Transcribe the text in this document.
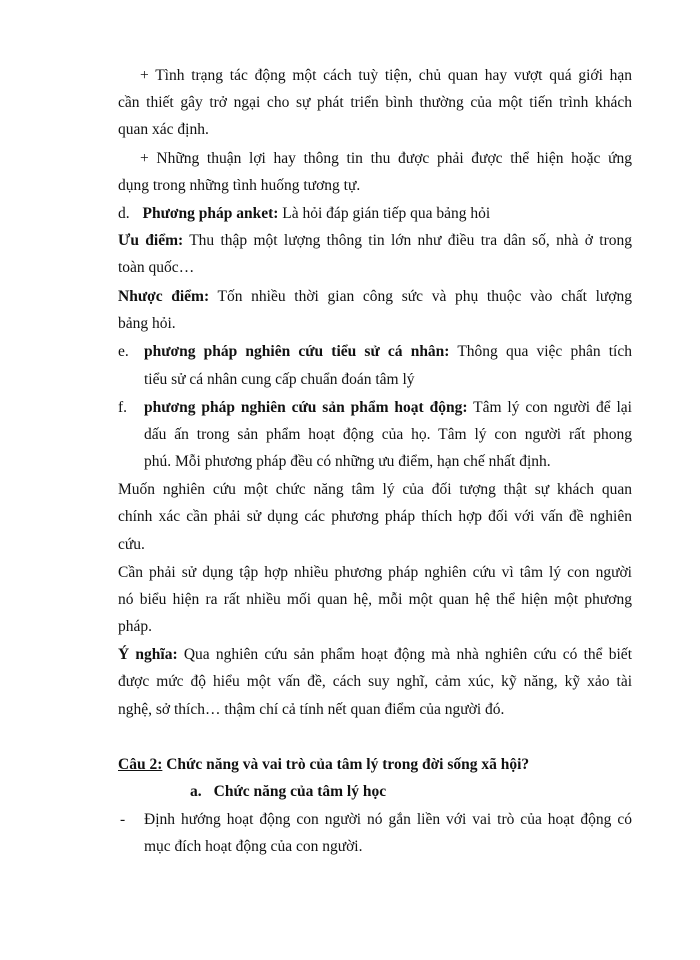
+ Tình trạng tác động một cách tuỳ tiện, chủ quan hay vượt quá giới hạn
cần thiết gây trở ngại cho sự phát triển bình thường của một tiến trình khách
quan xác định.
+ Những thuận lợi hay thông tin thu được phải được thể hiện hoặc ứng
dụng trong những tình huống tương tự.
d. Phương pháp anket: Là hỏi đáp gián tiếp qua bảng hỏi
Ưu điểm: Thu thập một lượng thông tin lớn như điều tra dân số, nhà ở trong
toàn quốc…
Nhược điểm: Tốn nhiều thời gian công sức và phụ thuộc vào chất lượng
bảng hỏi.
e. phương pháp nghiên cứu tiểu sử cá nhân: Thông qua việc phân tích
tiểu sử cá nhân cung cấp chuẩn đoán tâm lý
f.	phương pháp nghiên cứu sản phẩm hoạt động: Tâm lý con người để lại
dấu ấn trong sản phẩm hoạt động của họ. Tâm lý con người rất phong
phú. Mỗi phương pháp đều có những ưu điểm, hạn chế nhất định.
Muốn nghiên cứu một chức năng tâm lý của đối tượng thật sự khách quan
chính xác cần phải sử dụng các phương pháp thích hợp đối với vấn đề nghiên
cứu.
Cần phải sử dụng tập hợp nhiều phương pháp nghiên cứu vì tâm lý con người
nó biểu hiện ra rất nhiều mối quan hệ, mỗi một quan hệ thể hiện một phương
pháp.
Ý nghĩa: Qua nghiên cứu sản phẩm hoạt động mà nhà nghiên cứu có thể biết
được mức độ hiểu một vấn đề, cách suy nghĩ, cảm xúc, kỹ năng, kỹ xảo tài
nghệ, sở thích… thậm chí cả tính nết quan điểm của người đó.
Câu 2: Chức năng và vai trò của tâm lý trong đời sống xã hội?
a. Chức năng của tâm lý học
-	Định hướng hoạt động con người nó gắn liền với vai trò của hoạt động có
mục đích hoạt động của con người.
